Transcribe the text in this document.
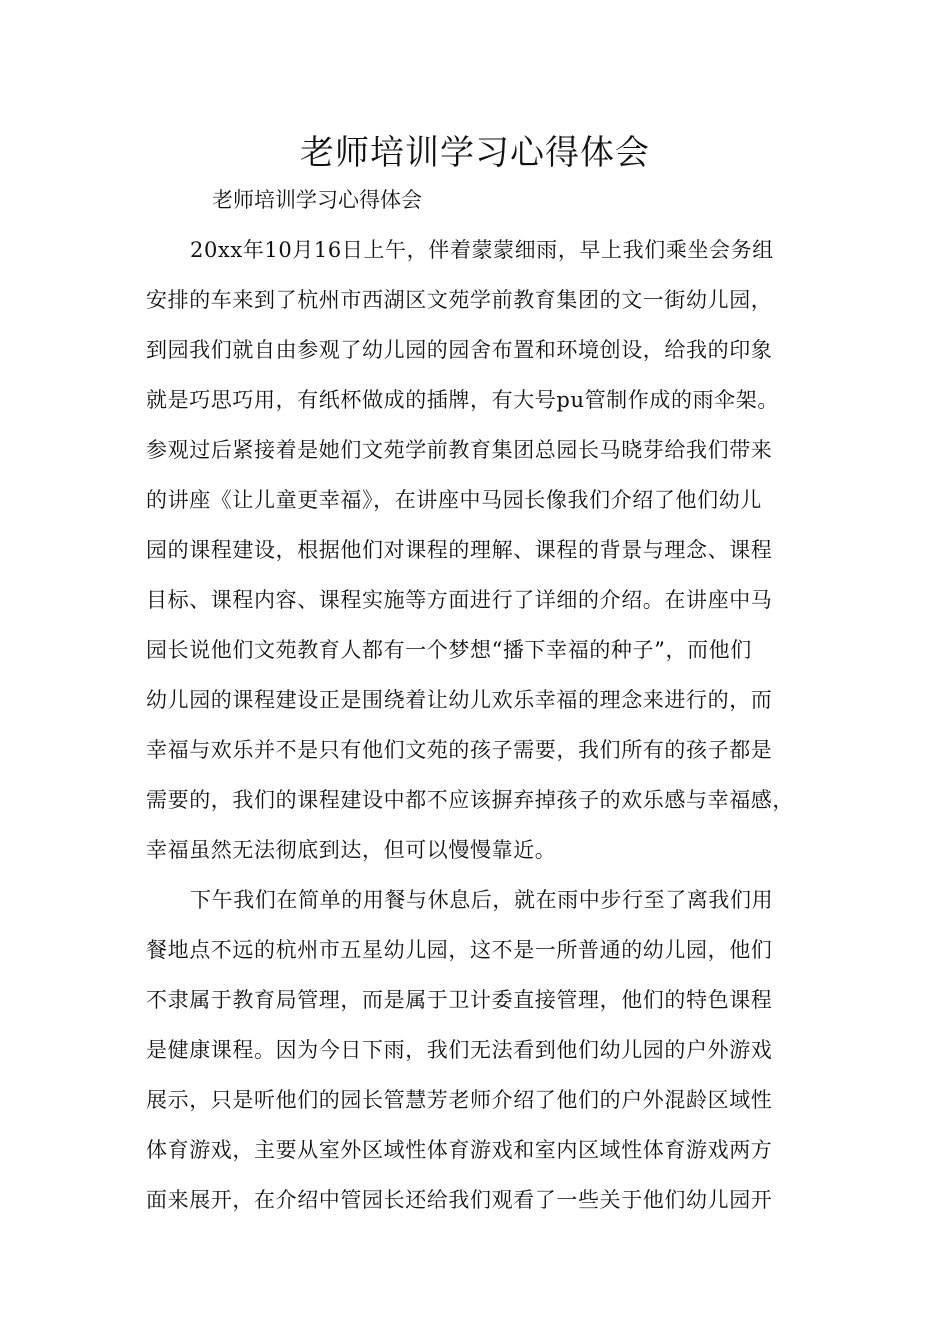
老师培训学习心得体会

老师培训学习心得体会

20xx年10月16日上午，伴着蒙蒙细雨，早上我们乘坐会务组
安排的车来到了杭州市西湖区文苑学前教育集团的文一街幼儿园，
到园我们就自由参观了幼儿园的园舍布置和环境创设，给我的印象
就是巧思巧用，有纸杯做成的插牌，有大号pu管制作成的雨伞架。
参观过后紧接着是她们文苑学前教育集团总园长马晓芽给我们带来
的讲座《让儿童更幸福》，在讲座中马园长像我们介绍了他们幼儿
园的课程建设，根据他们对课程的理解、课程的背景与理念、课程
目标、课程内容、课程实施等方面进行了详细的介绍。在讲座中马
园长说他们文苑教育人都有一个梦想“播下幸福的种子”，而他们
幼儿园的课程建设正是围绕着让幼儿欢乐幸福的理念来进行的，而
幸福与欢乐并不是只有他们文苑的孩子需要，我们所有的孩子都是
需要的，我们的课程建设中都不应该摒弃掉孩子的欢乐感与幸福感，
幸福虽然无法彻底到达，但可以慢慢靠近。
下午我们在简单的用餐与休息后，就在雨中步行至了离我们用
餐地点不远的杭州市五星幼儿园，这不是一所普通的幼儿园，他们
不隶属于教育局管理，而是属于卫计委直接管理，他们的特色课程
是健康课程。因为今日下雨，我们无法看到他们幼儿园的户外游戏
展示，只是听他们的园长管慧芳老师介绍了他们的户外混龄区域性
体育游戏，主要从室外区域性体育游戏和室内区域性体育游戏两方
面来展开，在介绍中管园长还给我们观看了一些关于他们幼儿园开
